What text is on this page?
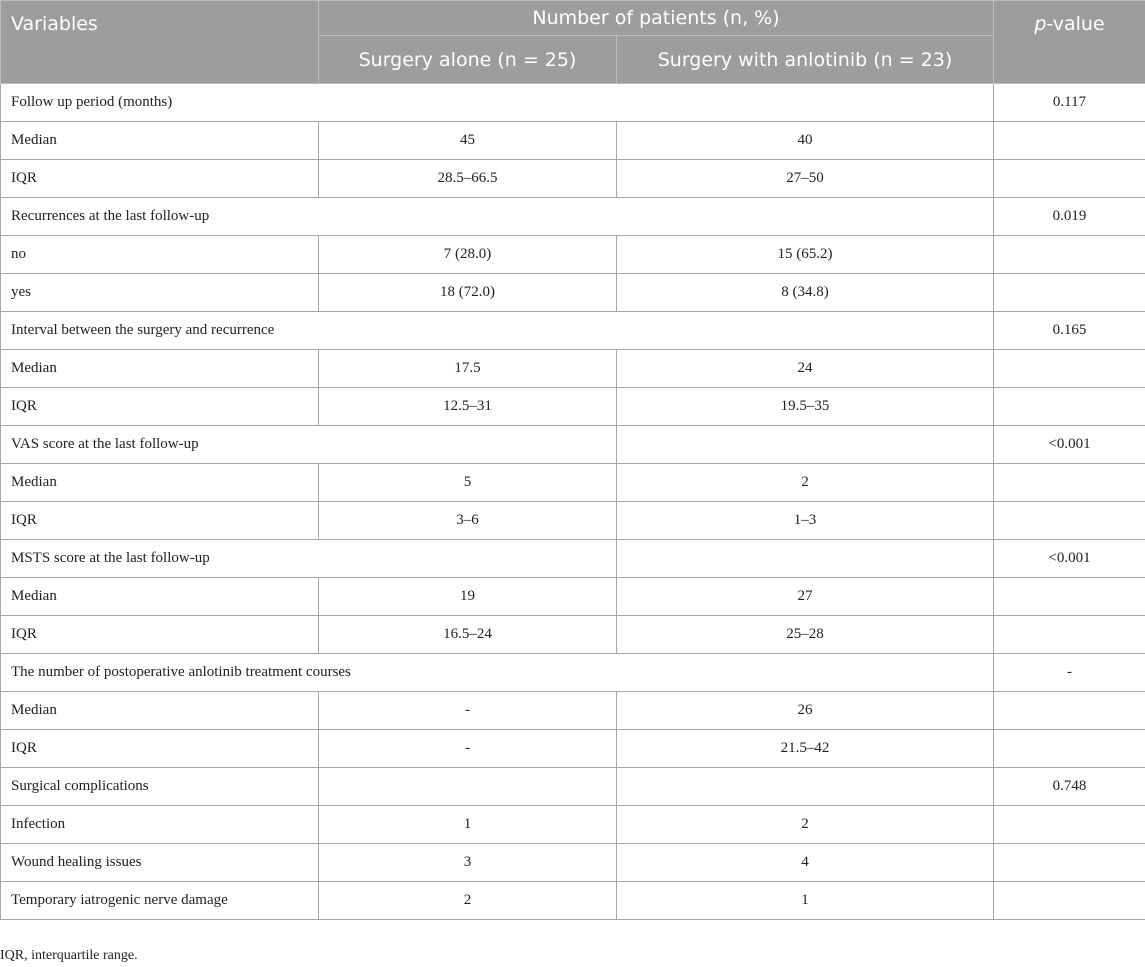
Variables	Number of patients (n, %)		p-value
	Surgery alone (n = 25)	Surgery with anlotinib (n = 23)	
Follow up period (months)			0.117
Median	45	40	
IQR	28.5–66.5	27–50	
Recurrences at the last follow-up			0.019
no	7 (28.0)	15 (65.2)	
yes	18 (72.0)	8 (34.8)	
Interval between the surgery and recurrence			0.165
Median	17.5	24	
IQR	12.5–31	19.5–35	
VAS score at the last follow-up			<0.001
Median	5	2	
IQR	3–6	1–3	
MSTS score at the last follow-up			<0.001
Median	19	27	
IQR	16.5–24	25–28	
The number of postoperative anlotinib treatment courses			-
Median	-	26	
IQR	-	21.5–42	
Surgical complications			0.748
Infection	1	2	
Wound healing issues	3	4	
Temporary iatrogenic nerve damage	2	1	
IQR, interquartile range.
